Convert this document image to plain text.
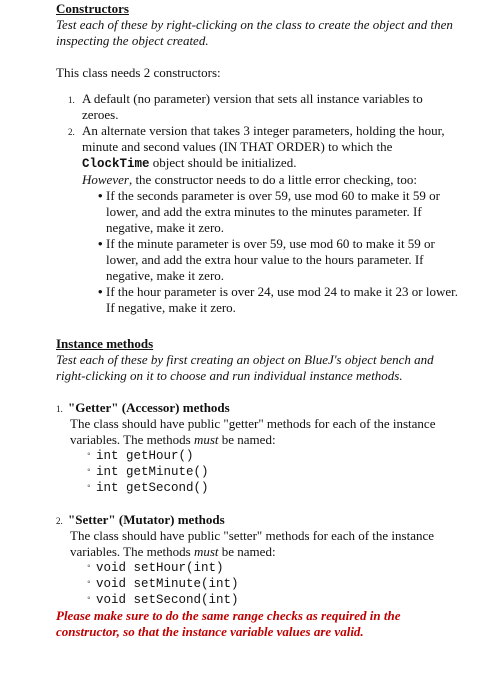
Constructors

Test each of these by right-clicking on the class to create the object and then inspecting the object created.

This class needs 2 constructors:

1. A default (no parameter) version that sets all instance variables to zeroes.
2. An alternate version that takes 3 integer parameters, holding the hour, minute and second values (IN THAT ORDER) to which the ClockTime object should be initialized.
However, the constructor needs to do a little error checking, too:
• If the seconds parameter is over 59, use mod 60 to make it 59 or lower, and add the extra minutes to the minutes parameter. If negative, make it zero.
• If the minute parameter is over 59, use mod 60 to make it 59 or lower, and add the extra hour value to the hours parameter. If negative, make it zero.
• If the hour parameter is over 24, use mod 24 to make it 23 or lower. If negative, make it zero.
Instance methods

Test each of these by first creating an object on BlueJ's object bench and right-clicking on it to choose and run individual instance methods.

1. "Getter" (Accessor) methods
The class should have public "getter" methods for each of the instance variables. The methods must be named:
◦ int getHour()
◦ int getMinute()
◦ int getSecond()
2. "Setter" (Mutator) methods
The class should have public "setter" methods for each of the instance variables. The methods must be named:
◦ void setHour(int)
◦ void setMinute(int)
◦ void setSecond(int)
Please make sure to do the same range checks as required in the constructor, so that the instance variable values are valid.
